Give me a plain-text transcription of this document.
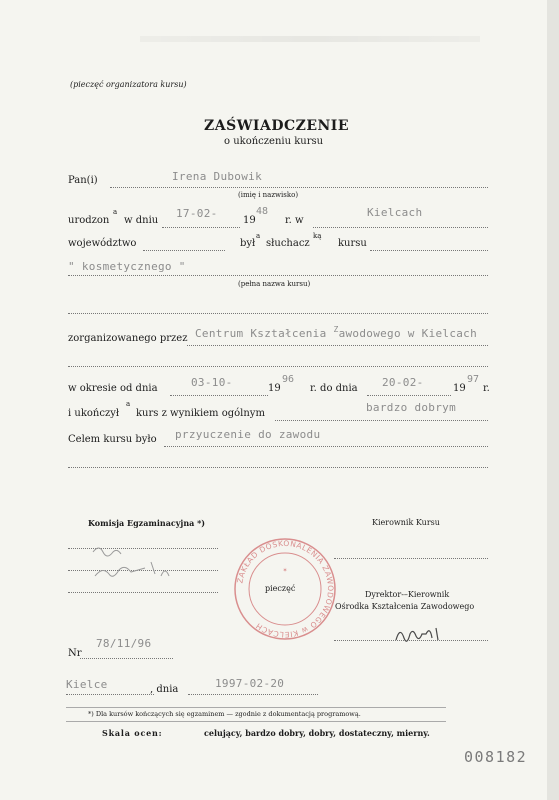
(pieczęć organizatora kursu)
ZAŚWIADCZENIE
o ukończeniu kursu
Pan(i)	Irena Dubowik
(imię i nazwisko)
urodzon
a
w dniu
17-02-
19
48
r. w
Kielcach
województwo	był
a
słuchacz
ką
kursu
" kosmetycznego "
(pełna nazwa kursu)
zorganizowanego przez Centrum Kształcenia $^Z$awodowego w Kielcach
w okresie od dnia	03-10-	19
96
r. do dnia 20-02-	19
97
r.
i ukończył
a
kurs z wynikiem ogólnym	bardzo dobrym
Celem kursu było przyuczenie do zawodu
Komisja Egzaminacyjna *)	Kierownik Kursu
ZAKŁAD DOSKONALENIA ZAWODOWEGO w KIELCACH
✶
pieczęć
Dyrektor-–Kierownik
Ośrodka Kształcenia Zawodowego
Nr
78/11/96
Kielce	, dnia	1997-02-20
*) Dla kursów kończących się egzaminem — zgodnie z dokumentacją programową.
Skala ocen:	celujący, bardzo dobry, dobry, dostateczny, mierny.
008182
